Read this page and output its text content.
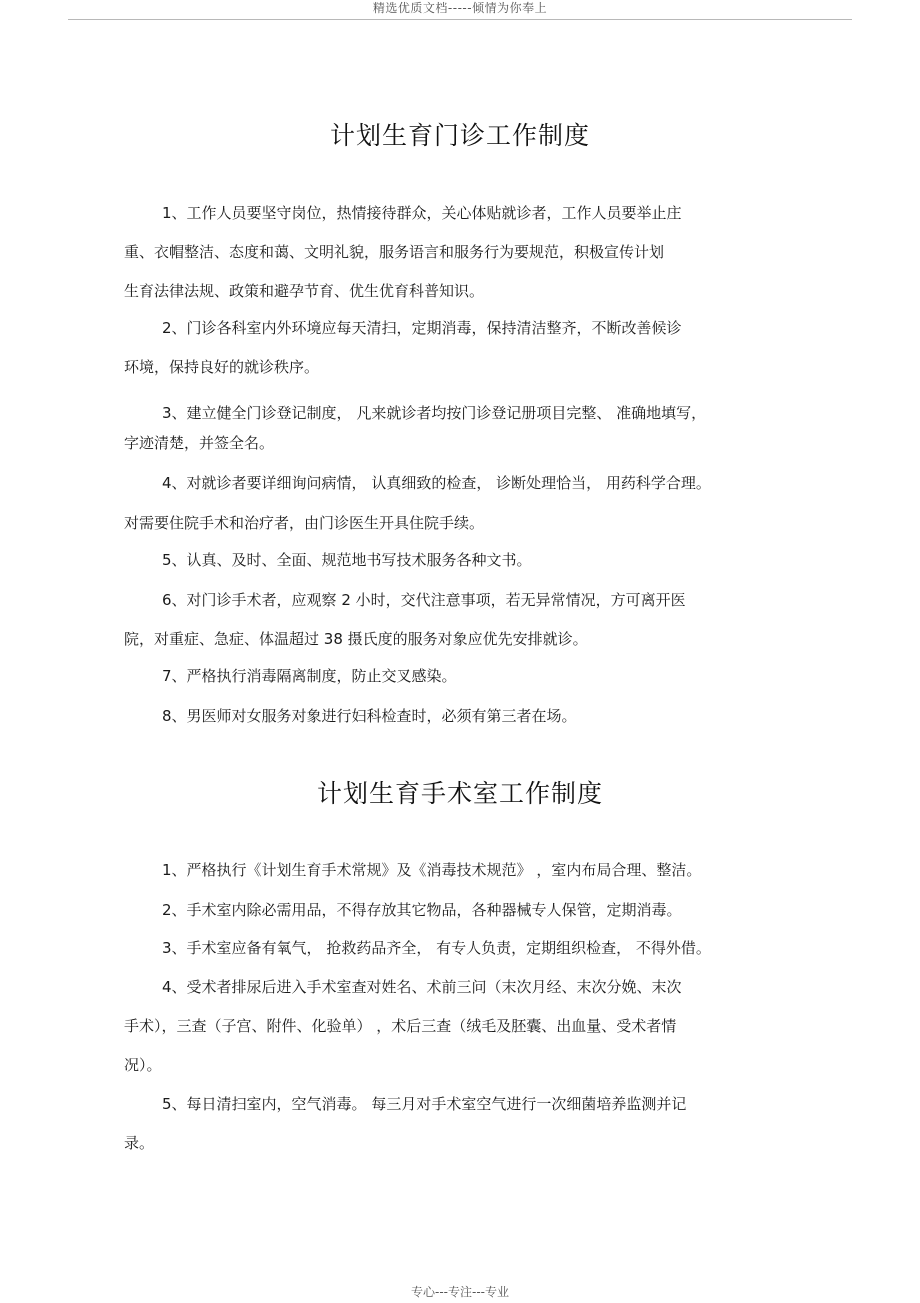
精选优质文档-----倾情为你奉上
计划生育门诊工作制度
1、工作人员要坚守岗位，热情接待群众，关心体贴就诊者，工作人员要举止庄
重、衣帽整洁、态度和蔼、文明礼貌，服务语言和服务行为要规范，积极宣传计划
生育法律法规、政策和避孕节育、优生优育科普知识。
2、门诊各科室内外环境应每天清扫，定期消毒，保持清洁整齐，不断改善候诊
环境，保持良好的就诊秩序。
3、建立健全门诊登记制度， 凡来就诊者均按门诊登记册项目完整、 准确地填写，
字迹清楚，并签全名。
4、对就诊者要详细询问病情， 认真细致的检查， 诊断处理恰当， 用药科学合理。
对需要住院手术和治疗者，由门诊医生开具住院手续。
5、认真、及时、全面、规范地书写技术服务各种文书。
6、对门诊手术者，应观察 2 小时，交代注意事项，若无异常情况，方可离开医
院，对重症、急症、体温超过 38 摄氏度的服务对象应优先安排就诊。
7、严格执行消毒隔离制度，防止交叉感染。
8、男医师对女服务对象进行妇科检查时，必须有第三者在场。
计划生育手术室工作制度
1、严格执行《计划生育手术常规》及《消毒技术规范》 ，室内布局合理、整洁。
2、手术室内除必需用品，不得存放其它物品，各种器械专人保管，定期消毒。
3、手术室应备有氧气， 抢救药品齐全， 有专人负责，定期组织检查， 不得外借。
4、受术者排尿后进入手术室查对姓名、术前三问（末次月经、末次分娩、末次
手术），三查（子宫、附件、化验单） ，术后三查（绒毛及胚囊、出血量、受术者情
况）。
5、每日清扫室内，空气消毒。 每三月对手术室空气进行一次细菌培养监测并记
录。
专心---专注---专业
